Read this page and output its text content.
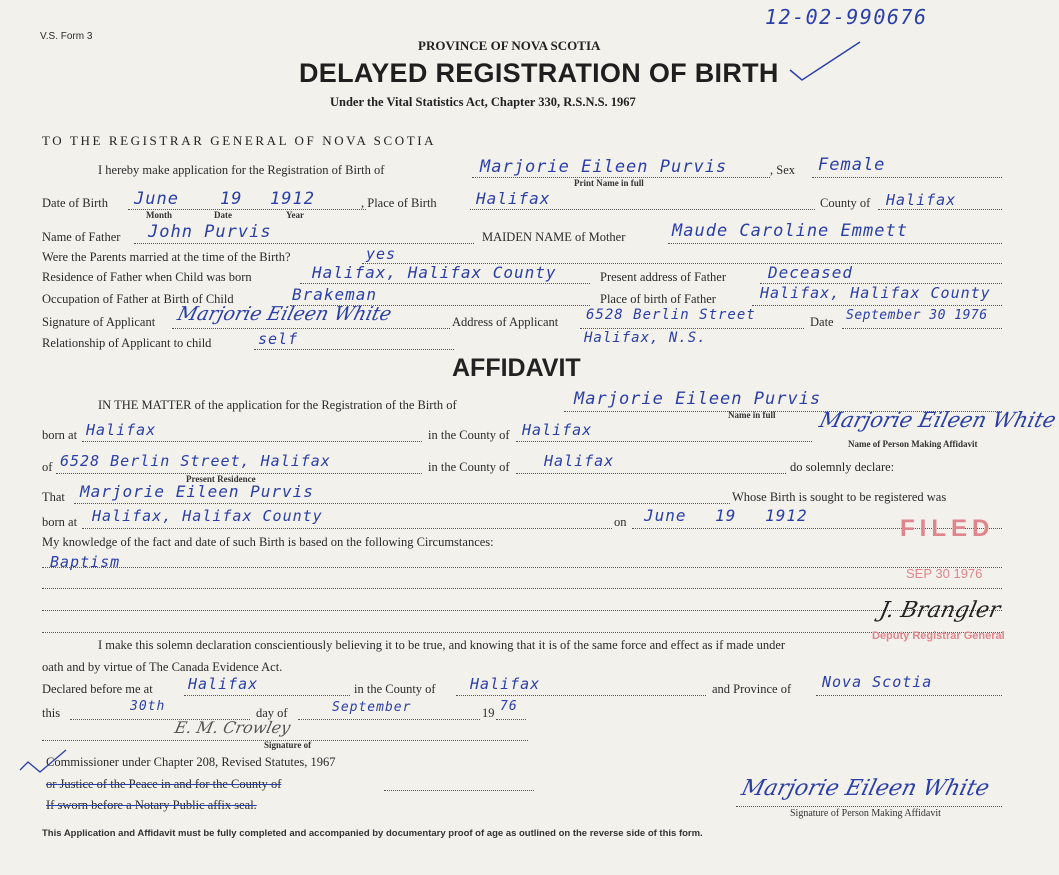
V.S. Form 3
PROVINCE OF NOVA SCOTIA
DELAYED REGISTRATION OF BIRTH
Under the Vital Statistics Act, Chapter 330, R.S.N.S. 1967
12-02-990676
TO THE REGISTRAR GENERAL OF NOVA SCOTIA
I hereby make application for the Registration of Birth of	Marjorie Eileen Purvis
Print Name in full
, Sex Female
Date of Birth June 19 1912
Month	Date	Year
, Place of Birth Halifax	County of Halifax
Name of Father John Purvis	MAIDEN NAME of Mother	Maude Caroline Emmett
Were the Parents married at the time of the Birth?	yes
Residence of Father when Child was born	Halifax, Halifax County	Present address of Father	Deceased
Occupation of Father at Birth of Child	Brakeman	Place of birth of Father	Halifax, Halifax County
Signature of Applicant Marjorie Eileen White	Address of Applicant 6528 Berlin Street	Date September 30 1976
Relationship of Applicant to child	self	Halifax, N.S.
AFFIDAVIT
IN THE MATTER of the application for the Registration of the Birth of	Marjorie Eileen Purvis
Name in full
born at Halifax	in the County of Halifax	Marjorie Eileen White
Name of Person Making Affidavit
of 6528 Berlin Street, Halifax
Present Residence
in the County of Halifax	do solemnly declare:
That Marjorie Eileen Purvis	Whose Birth is sought to be registered was
born at Halifax, Halifax County	on June 19 1912
My knowledge of the fact and date of such Birth is based on the following Circumstances:
Baptism
I make this solemn declaration conscientiously believing it to be true, and knowing that it is of the same force and effect as if made under
oath and by virtue of The Canada Evidence Act.
Declared before me at Halifax	in the County of Halifax	and Province of Nova Scotia
this	30th	day of	September	19 76
E. M. Crowley
Signature of
Commissioner under Chapter 208, Revised Statutes, 1967
or Justice of the Peace in and for the County of
If sworn before a Notary Public affix seal.
Marjorie Eileen White
Signature of Person Making Affidavit
FILED
SEP 30 1976
J. Brangler
Deputy Registrar General
This Application and Affidavit must be fully completed and accompanied by documentary proof of age as outlined on the reverse side of this form.
